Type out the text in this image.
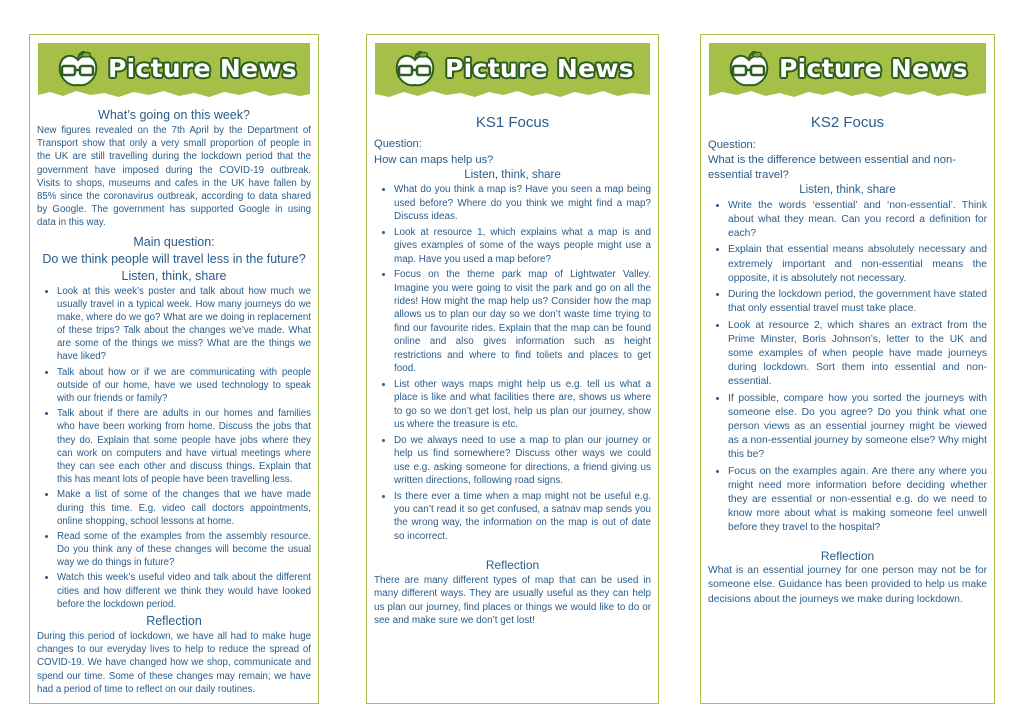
Picture News
What’s going on this week?

New figures revealed on the 7th April by the Department of Transport show that only a very small proportion of people in the UK are still travelling during the lockdown period that the government have imposed during the COVID-19 outbreak. Visits to shops, museums and cafes in the UK have fallen by 85% since the coronavirus outbreak, according to data shared by Google. The government has supported Google in using data in this way.

Main question:
Do we think people will travel less in the future?
Listen, think, share
• Look at this week’s poster and talk about how much we usually travel in a typical week. How many journeys do we make, where do we go? What are we doing in replacement of these trips? Talk about the changes we’ve made. What are some of the things we miss? What are the things we have liked?
• Talk about how or if we are communicating with people outside of our home, have we used technology to speak with our friends or family?
• Talk about if there are adults in our homes and families who have been working from home. Discuss the jobs that they do. Explain that some people have jobs where they can work on computers and have virtual meetings where they can see each other and discuss things. Explain that this has meant lots of people have been travelling less.
• Make a list of some of the changes that we have made during this time. E.g. video call doctors appointments, online shopping, school lessons at home.
• Read some of the examples from the assembly resource. Do you think any of these changes will become the usual way we do things in future?
• Watch this week’s useful video and talk about the different cities and how different we think they would have looked before the lockdown period.
Reflection

During this period of lockdown, we have all had to make huge changes to our everyday lives to help to reduce the spread of COVID-19. We have changed how we shop, communicate and spend our time. Some of these changes may remain; we have had a period of time to reflect on our daily routines.

Picture News
KS1 Focus
Question:
How can maps help us?
Listen, think, share
• What do you think a map is? Have you seen a map being used before? Where do you think we might find a map? Discuss ideas.
• Look at resource 1, which explains what a map is and gives examples of some of the ways people might use a map. Have you used a map before?
• Focus on the theme park map of Lightwater Valley. Imagine you were going to visit the park and go on all the rides! How might the map help us? Consider how the map allows us to plan our day so we don’t waste time trying to find our favourite rides. Explain that the map can be found online and also gives information such as height restrictions and where to find toliets and places to get food.
• List other ways maps might help us e.g. tell us what a place is like and what facilities there are, shows us where to go so we don’t get lost, help us plan our journey, show us where the treasure is etc.
• Do we always need to use a map to plan our journey or help us find somewhere? Discuss other ways we could use e.g. asking someone for directions, a friend giving us written directions, following road signs.
• Is there ever a time when a map might not be useful e.g. you can’t read it so get confused, a satnav map sends you the wrong way, the information on the map is out of date so incorrect.
Reflection

There are many different types of map that can be used in many different ways. They are usually useful as they can help us plan our journey, find places or things we would like to do or see and make sure we don’t get lost!

Picture News
KS2 Focus
Question:
What is the difference between essential and non-essential travel?
Listen, think, share
• Write the words ‘essential’ and ‘non-essential’. Think about what they mean. Can you record a definition for each?
• Explain that essential means absolutely necessary and extremely important and non-essential means the opposite, it is absolutely not necessary.
• During the lockdown period, the government have stated that only essential travel must take place.
• Look at resource 2, which shares an extract from the Prime Minster, Boris Johnson’s, letter to the UK and some examples of when people have made journeys during lockdown. Sort them into essential and non-essential.
• If possible, compare how you sorted the journeys with someone else. Do you agree? Do you think what one person views as an essential journey might be viewed as a non-essential journey by someone else? Why might this be?
• Focus on the examples again. Are there any where you might need more information before deciding whether they are essential or non-essential e.g. do we need to know more about what is making someone feel unwell before they travel to the hospital?
Reflection

What is an essential journey for one person may not be for someone else. Guidance has been provided to help us make decisions about the journeys we make during lockdown.
